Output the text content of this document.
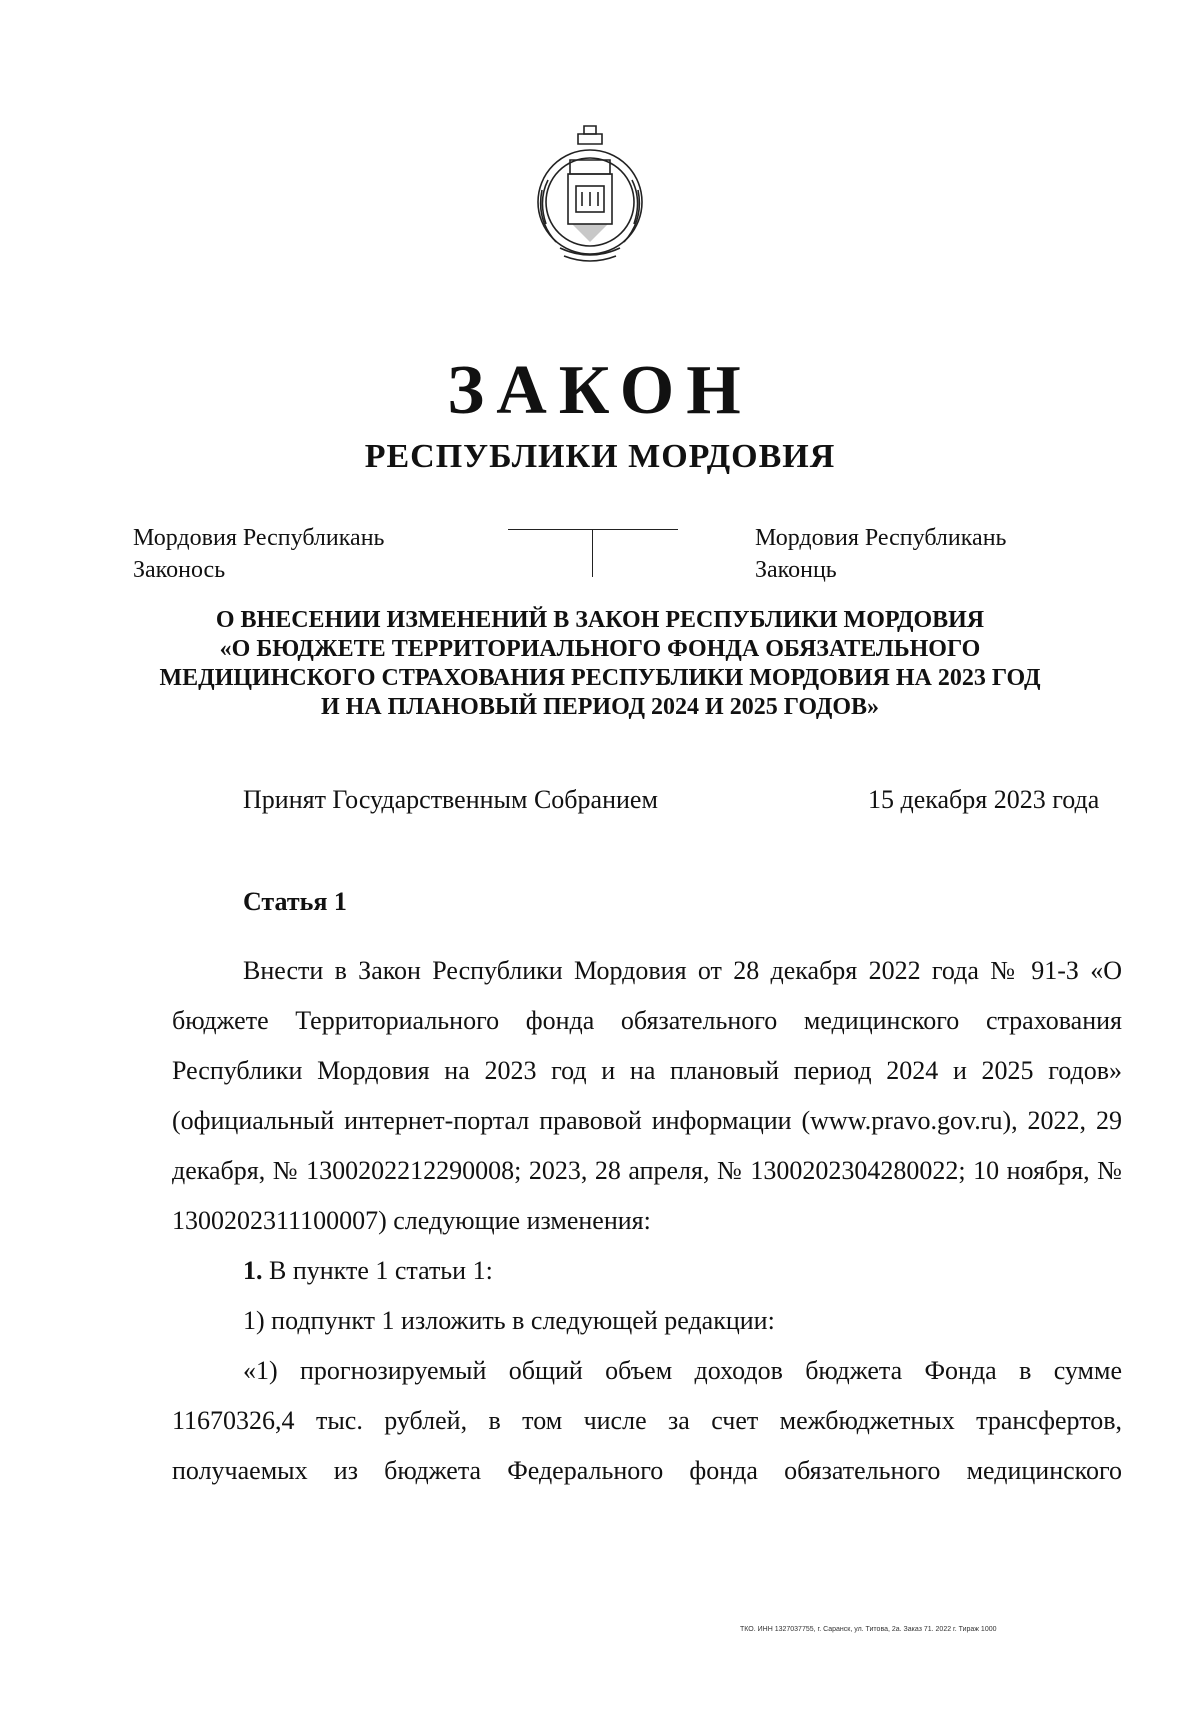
ЗАКОН
РЕСПУБЛИКИ МОРДОВИЯ
Мордовия Республикань
Законось
Мордовия Республикань
Законць
О ВНЕСЕНИИ ИЗМЕНЕНИЙ В ЗАКОН РЕСПУБЛИКИ МОРДОВИЯ
«О БЮДЖЕТЕ ТЕРРИТОРИАЛЬНОГО ФОНДА ОБЯЗАТЕЛЬНОГО
МЕДИЦИНСКОГО СТРАХОВАНИЯ РЕСПУБЛИКИ МОРДОВИЯ НА 2023 ГОД
И НА ПЛАНОВЫЙ ПЕРИОД 2024 И 2025 ГОДОВ»
Принят Государственным Собранием	15 декабря 2023 года
Статья 1

Внести в Закон Республики Мордовия от 28 декабря 2022 года № 91-З «О бюджете Территориального фонда обязательного медицинского страхования Республики Мордовия на 2023 год и на плановый период 2024 и 2025 годов» (официальный интернет-портал правовой информации (www.pravo.gov.ru), 2022, 29 декабря, № 1300202212290008; 2023, 28 апреля, № 1300202304280022; 10 ноября, № 1300202311100007) следующие изменения:

1. В пункте 1 статьи 1:

1) подпункт 1 изложить в следующей редакции:

«1) прогнозируемый общий объем доходов бюджета Фонда в сумме 11670326,4 тыс. рублей, в том числе за счет межбюджетных трансфертов, получаемых из бюджета Федерального фонда обязательного медицинского

ТКО. ИНН 1327037755, г. Саранск, ул. Титова, 2а. Заказ 71. 2022 г. Тираж 1000
